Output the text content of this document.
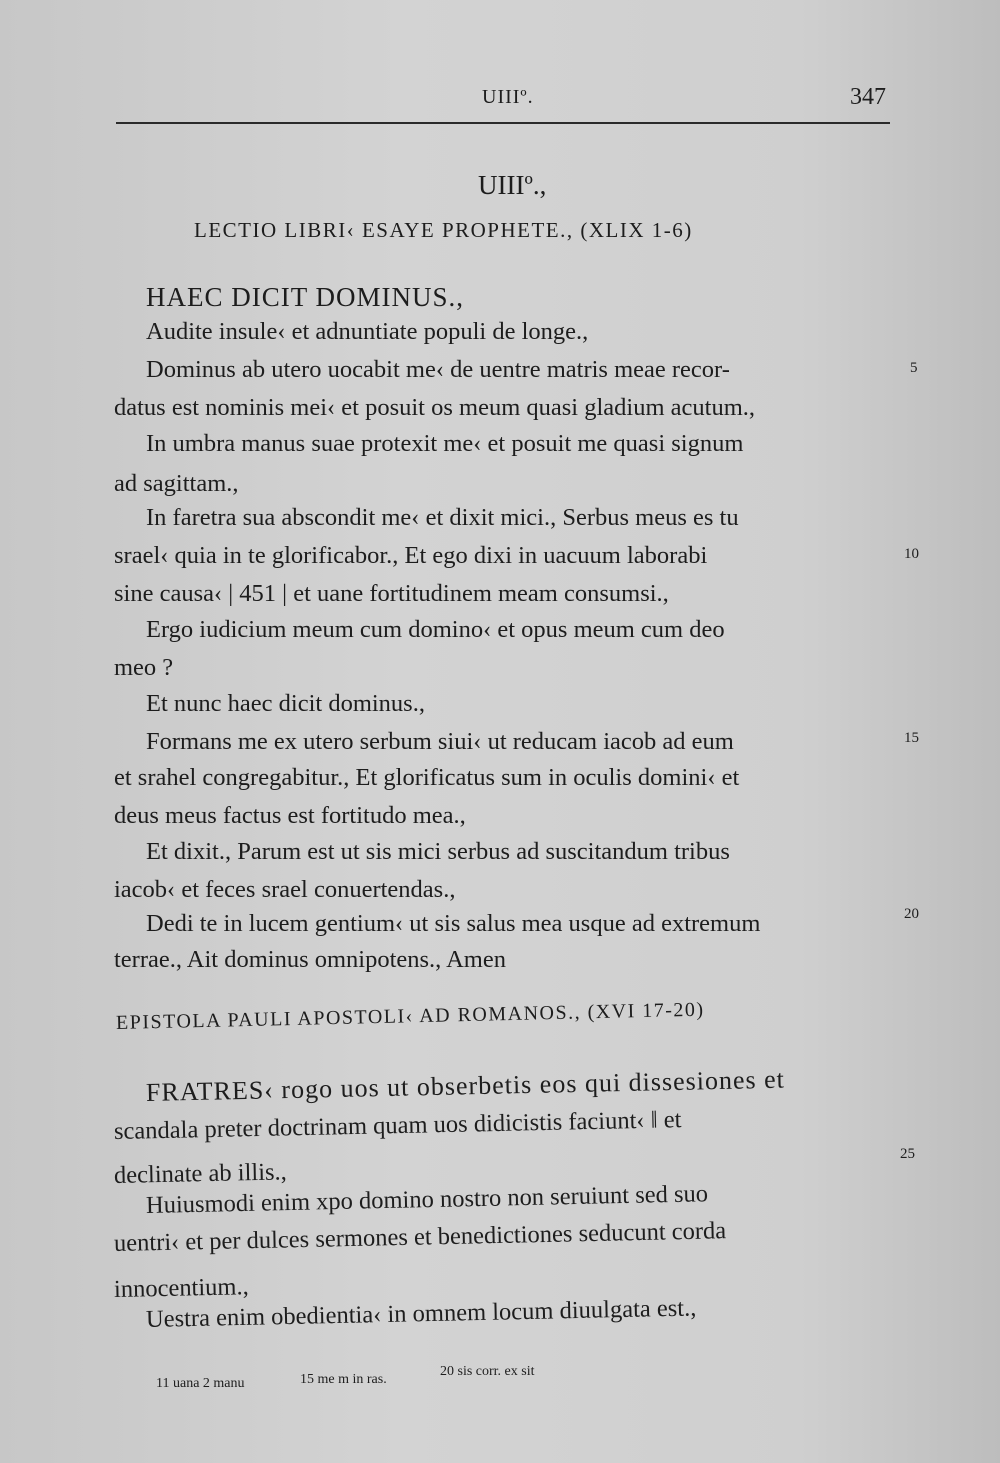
UIIIº.	347
UIIIº.,
LECTIO LIBRI‹ ESAYE PROPHETE., (XLIX 1-6)
HAEC DICIT DOMINUS.,
Audite insule‹ et adnuntiate populi de longe.,
Dominus ab utero uocabit me‹ de uentre matris meae recor-
datus est nominis mei‹ et posuit os meum quasi gladium acutum.,
In umbra manus suae protexit me‹ et posuit me quasi signum
ad sagittam.,
In faretra sua abscondit me‹ et dixit mici., Serbus meus es tu
srael‹ quia in te glorificabor., Et ego dixi in uacuum laborabi
sine causa‹ | 451 | et uane fortitudinem meam consumsi.,
Ergo iudicium meum cum domino‹ et opus meum cum deo
meo ?
Et nunc haec dicit dominus.,
Formans me ex utero serbum siui‹ ut reducam iacob ad eum
et srahel congregabitur., Et glorificatus sum in oculis domini‹ et
deus meus factus est fortitudo mea.,
Et dixit., Parum est ut sis mici serbus ad suscitandum tribus
iacob‹ et feces srael conuertendas.,
Dedi te in lucem gentium‹ ut sis salus mea usque ad extremum
terrae., Ait dominus omnipotens., Amen
EPISTOLA PAULI APOSTOLI‹ AD ROMANOS., (XVI 17-20)
FRATRES‹ rogo uos ut obserbetis eos qui dissesiones et
scandala preter doctrinam quam uos didicistis faciunt‹ ‖ et
declinate ab illis.,
Huiusmodi enim xpo domino nostro non seruiunt sed suo
uentri‹ et per dulces sermones et benedictiones seducunt corda
innocentium.,
Uestra enim obedientia‹ in omnem locum diuulgata est.,
5
10
15
20
25
11 uana 2 manu	15 me m in ras.
20 sis corr. ex sit
